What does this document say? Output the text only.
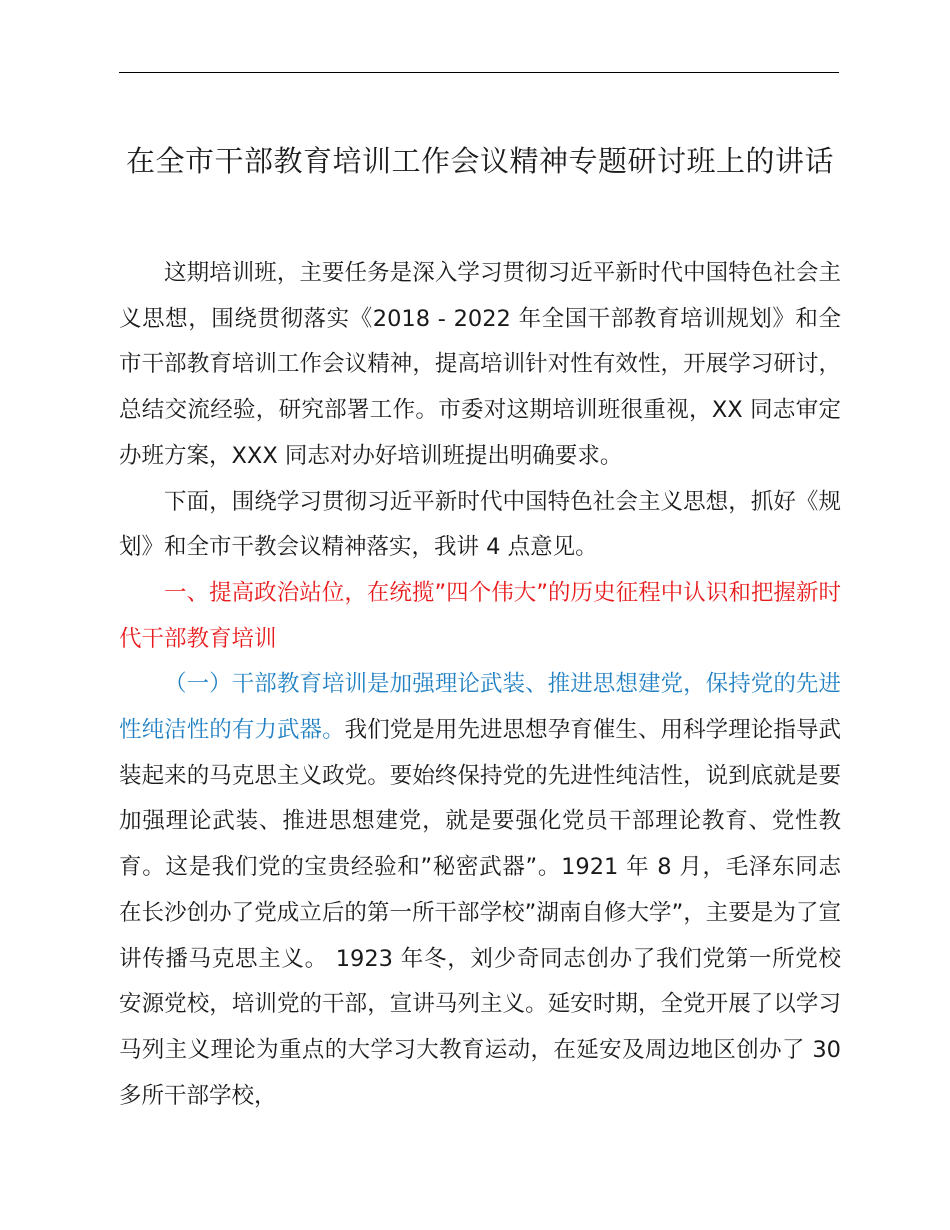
在全市干部教育培训工作会议精神专题研讨班上的讲话

这期培训班，主要任务是深入学习贯彻习近平新时代中国特色社会主义思想，围绕贯彻落实《2018 - 2022 年全国干部教育培训规划》和全市干部教育培训工作会议精神，提高培训针对性有效性，开展学习研讨，总结交流经验，研究部署工作。市委对这期培训班很重视，XX 同志审定办班方案，XXX 同志对办好培训班提出明确要求。

下面，围绕学习贯彻习近平新时代中国特色社会主义思想，抓好《规划》和全市干教会议精神落实，我讲 4 点意见。

一、提高政治站位，在统揽”四个伟大”的历史征程中认识和把握新时代干部教育培训

（一）干部教育培训是加强理论武装、推进思想建党，保持党的先进性纯洁性的有力武器。我们党是用先进思想孕育催生、用科学理论指导武装起来的马克思主义政党。要始终保持党的先进性纯洁性，说到底就是要加强理论武装、推进思想建党，就是要强化党员干部理论教育、党性教育。这是我们党的宝贵经验和”秘密武器”。1921 年 8 月，毛泽东同志在长沙创办了党成立后的第一所干部学校”湖南自修大学”，主要是为了宣讲传播马克思主义。 1923 年冬，刘少奇同志创办了我们党第一所党校安源党校，培训党的干部，宣讲马列主义。延安时期，全党开展了以学习马列主义理论为重点的大学习大教育运动，在延安及周边地区创办了 30 多所干部学校，
